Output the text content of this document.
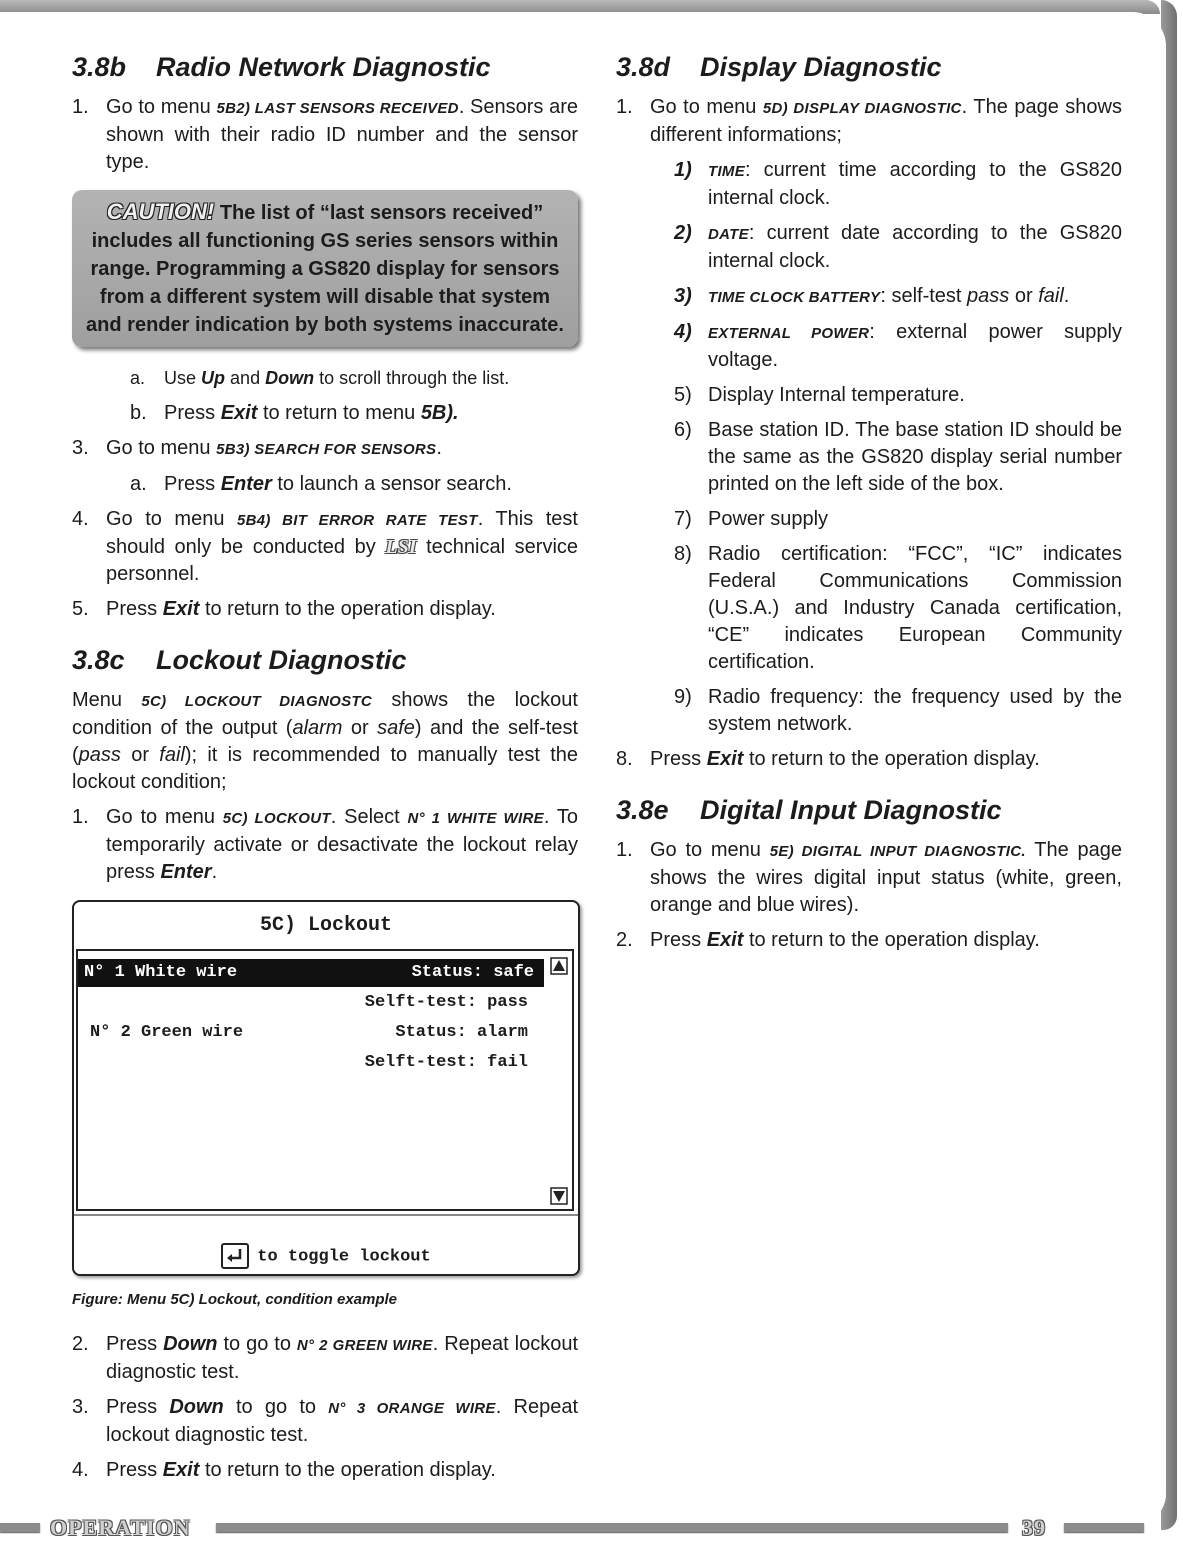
3.8b Radio Network Diagnostic
1. Go to menu 5B2) LAST SENSORS RECEIVED. Sensors are shown with their radio ID number and the sensor type.
CAUTION! The list of “last sensors received” includes all functioning GS series sensors within range. Programming a GS820 display for sensors from a different system will disable that system and render indication by both systems inaccurate.
a. Use Up and Down to scroll through the list.
b. Press Exit to return to menu 5B).
3. Go to menu 5B3) SEARCH FOR SENSORS.
a. Press Enter to launch a sensor search.
4. Go to menu 5B4) BIT ERROR RATE TEST. This test should only be conducted by LSI technical service personnel.
5. Press Exit to return to the operation display.
3.8c Lockout Diagnostic
Menu 5C) LOCKOUT DIAGNOSTC shows the lockout condition of the output (alarm or safe) and the self-test (pass or fail); it is recommended to manually test the lockout condition;
1. Go to menu 5C) LOCKOUT. Select N° 1 WHITE WIRE. To temporarily activate or desactivate the lockout relay press Enter.
5C) Lockout
N° 1 White wire	Status: safe
Selft-test: pass
N° 2 Green wire	Status: alarm
Selft-test: fail
to toggle lockout
Figure: Menu 5C) Lockout, condition example
2. Press Down to go to N° 2 GREEN WIRE. Repeat lockout diagnostic test.
3. Press Down to go to N° 3 ORANGE WIRE. Repeat lockout diagnostic test.
4. Press Exit to return to the operation display.
3.8d Display Diagnostic
1. Go to menu 5D) DISPLAY DIAGNOSTIC. The page shows different informations;
1) TIME: current time according to the GS820 internal clock.
2) DATE: current date according to the GS820 internal clock.
3) TIME CLOCK BATTERY: self-test pass or fail.
4) EXTERNAL POWER: external power supply voltage.
5) Display Internal temperature.
6) Base station ID. The base station ID should be the same as the GS820 display serial number printed on the left side of the box.
7) Power supply
8) Radio certification: “FCC”, “IC” indicates Federal Communications Commission (U.S.A.) and Industry Canada certification, “CE” indicates European Community certification.
9) Radio frequency: the frequency used by the system network.
8. Press Exit to return to the operation display.
3.8e Digital Input Diagnostic
1. Go to menu 5E) DIGITAL INPUT DIAGNOSTIC. The page shows the wires digital input status (white, green, orange and blue wires).
2. Press Exit to return to the operation display.
OPERATION	39
